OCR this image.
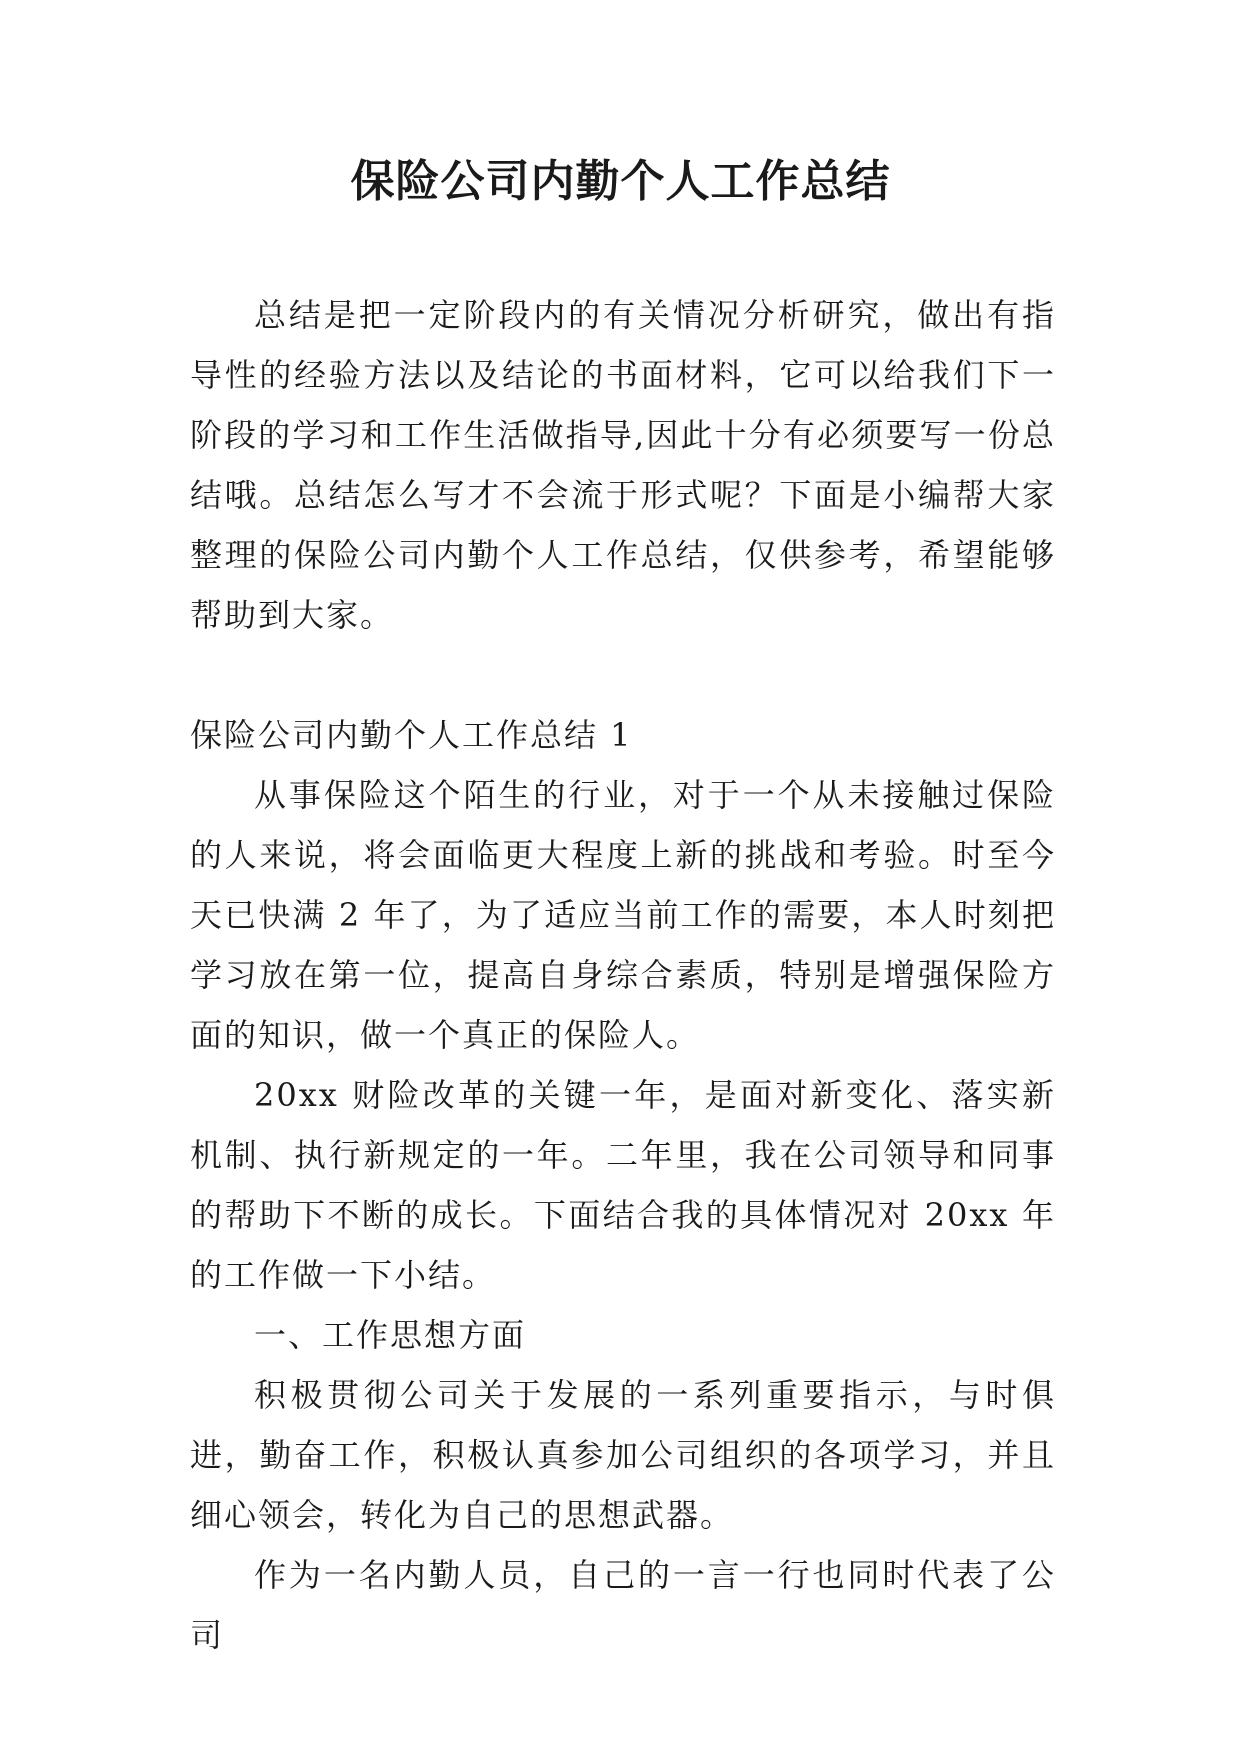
保险公司内勤个人工作总结

总结是把一定阶段内的有关情况分析研究，做出有指导性的经验方法以及结论的书面材料，它可以给我们下一阶段的学习和工作生活做指导,因此十分有必须要写一份总结哦。总结怎么写才不会流于形式呢？下面是小编帮大家整理的保险公司内勤个人工作总结，仅供参考，希望能够帮助到大家。

保险公司内勤个人工作总结 1

从事保险这个陌生的行业，对于一个从未接触过保险的人来说，将会面临更大程度上新的挑战和考验。时至今天已快满 2 年了，为了适应当前工作的需要，本人时刻把学习放在第一位，提高自身综合素质，特别是增强保险方面的知识，做一个真正的保险人。

20xx 财险改革的关键一年，是面对新变化、落实新机制、执行新规定的一年。二年里，我在公司领导和同事的帮助下不断的成长。下面结合我的具体情况对 20xx 年的工作做一下小结。

一、工作思想方面

积极贯彻公司关于发展的一系列重要指示，与时俱进，勤奋工作，积极认真参加公司组织的各项学习，并且细心领会，转化为自己的思想武器。

作为一名内勤人员，自己的一言一行也同时代表了公司
